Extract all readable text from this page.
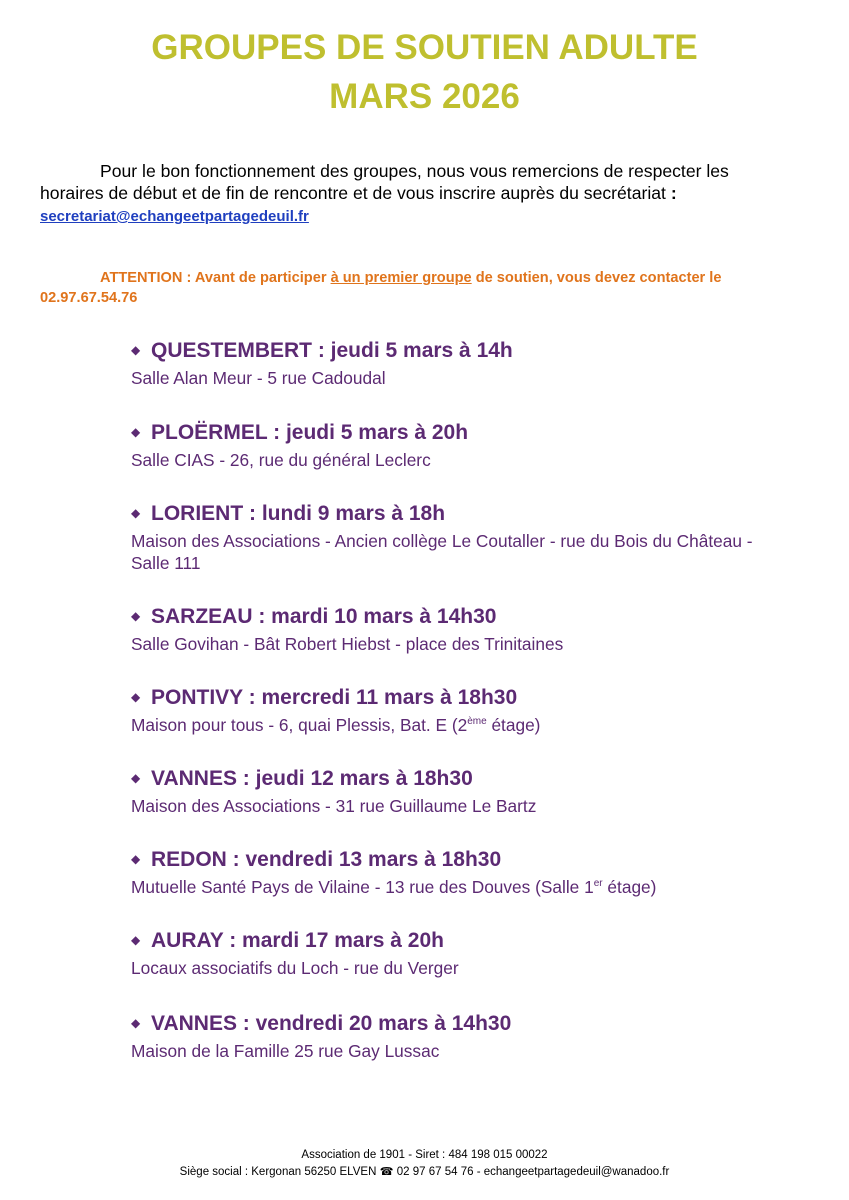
GROUPES DE SOUTIEN ADULTE
MARS 2026
Pour le bon fonctionnement des groupes, nous vous remercions de respecter les horaires de début et de fin de rencontre et de vous inscrire auprès du secrétariat : secretariat@echangeetpartagedeuil.fr
ATTENTION : Avant de participer à un premier groupe de soutien, vous devez contacter le 02.97.67.54.76
◆ QUESTEMBERT : jeudi 5 mars à 14h
Salle Alan Meur - 5 rue Cadoudal
◆ PLOËRMEL : jeudi 5 mars à 20h
Salle CIAS - 26, rue du général Leclerc
◆ LORIENT : lundi 9 mars à 18h
Maison des Associations - Ancien collège Le Coutaller - rue du Bois du Château - Salle 111
◆ SARZEAU : mardi 10 mars à 14h30
Salle Govihan - Bât Robert Hiebst - place des Trinitaines
◆ PONTIVY : mercredi 11 mars à 18h30
Maison pour tous - 6, quai Plessis, Bat. E (2ème étage)
◆ VANNES : jeudi 12 mars à 18h30
Maison des Associations - 31 rue Guillaume Le Bartz
◆ REDON : vendredi 13 mars à 18h30
Mutuelle Santé Pays de Vilaine - 13 rue des Douves (Salle 1er étage)
◆ AURAY : mardi 17 mars à 20h
Locaux associatifs du Loch - rue du Verger
◆ VANNES : vendredi 20 mars à 14h30
Maison de la Famille 25 rue Gay Lussac
Association de 1901 - Siret : 484 198 015 00022
Siège social : Kergonan 56250 ELVEN ☎ 02 97 67 54 76 - echangeetpartagedeuil@wanadoo.fr
